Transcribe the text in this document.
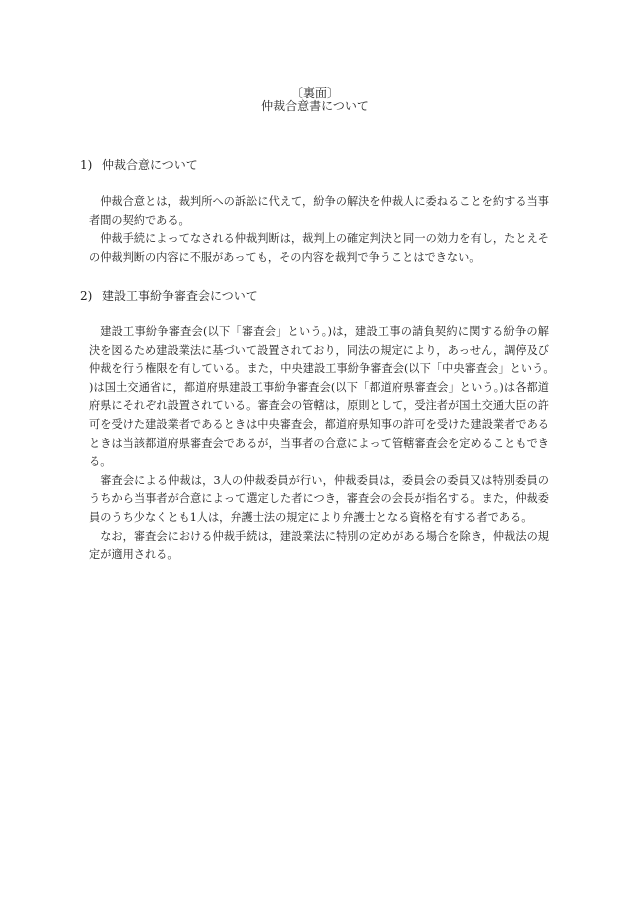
〔裏面〕
仲裁合意書について
1) 仲裁合意について

仲裁合意とは，裁判所への訴訟に代えて，紛争の解決を仲裁人に委ねることを約する当事者間の契約である。

仲裁手続によってなされる仲裁判断は，裁判上の確定判決と同一の効力を有し，たとえその仲裁判断の内容に不服があっても，その内容を裁判で争うことはできない。

2) 建設工事紛争審査会について

建設工事紛争審査会(以下「審査会」という。)は，建設工事の請負契約に関する紛争の解決を図るため建設業法に基づいて設置されており，同法の規定により，あっせん，調停及び仲裁を行う権限を有している。また，中央建設工事紛争審査会(以下「中央審査会」という。)は国土交通省に，都道府県建設工事紛争審査会(以下「都道府県審査会」という。)は各都道府県にそれぞれ設置されている。審査会の管轄は，原則として，受注者が国土交通大臣の許可を受けた建設業者であるときは中央審査会，都道府県知事の許可を受けた建設業者であるときは当該都道府県審査会であるが，当事者の合意によって管轄審査会を定めることもできる。

審査会による仲裁は，3人の仲裁委員が行い，仲裁委員は，委員会の委員又は特別委員のうちから当事者が合意によって選定した者につき，審査会の会長が指名する。また，仲裁委員のうち少なくとも1人は，弁護士法の規定により弁護士となる資格を有する者である。

なお，審査会における仲裁手続は，建設業法に特別の定めがある場合を除き，仲裁法の規定が適用される。
